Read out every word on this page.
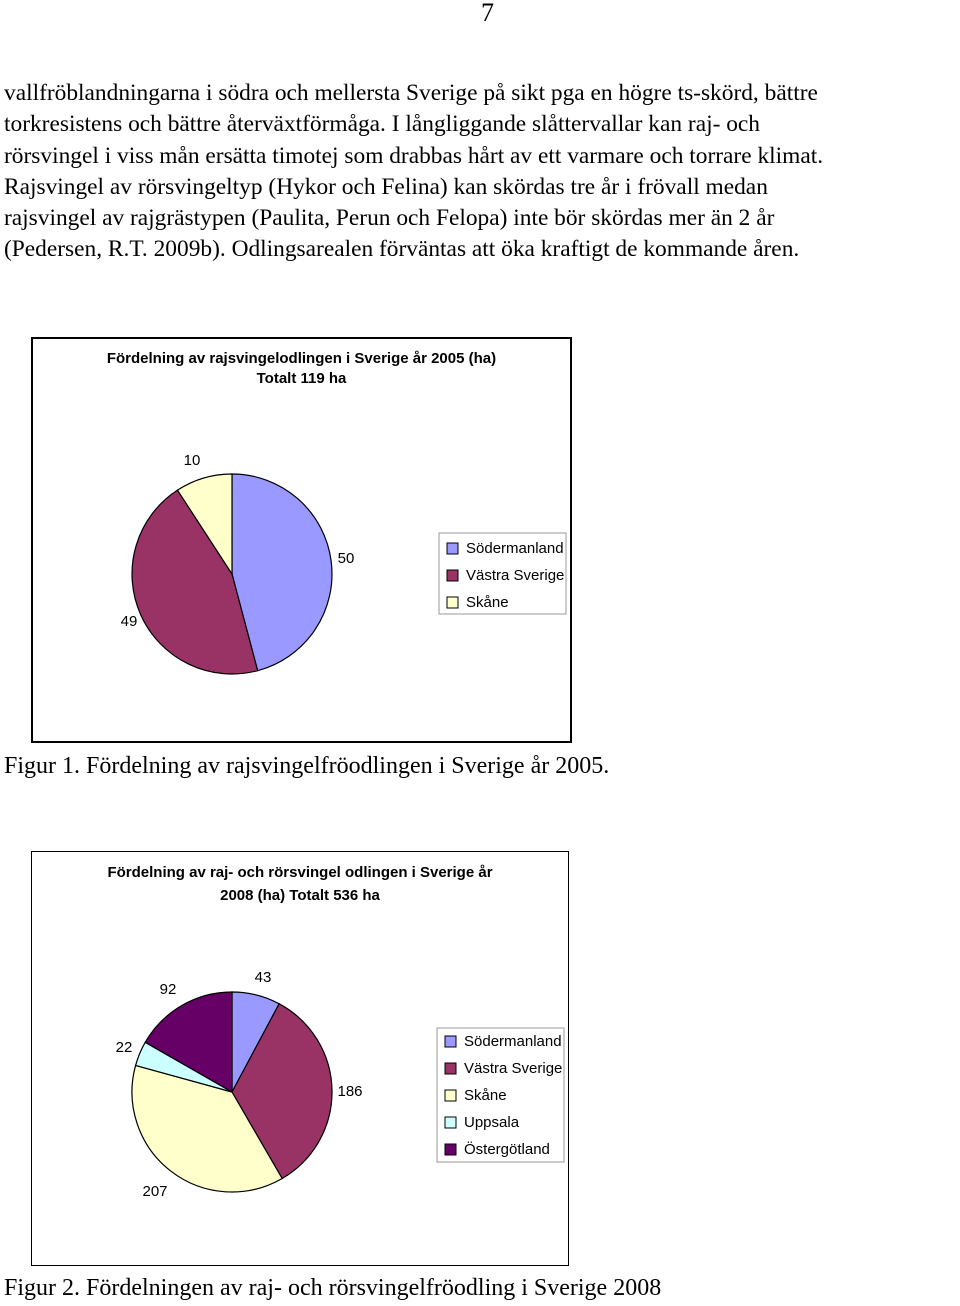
7

vallfröblandningarna i södra och mellersta Sverige på sikt pga en högre ts-skörd, bättre

torkresistens och bättre återväxtförmåga. I långliggande slåttervallar kan raj- och

rörsvingel i viss mån ersätta timotej som drabbas hårt av ett varmare och torrare klimat.

Rajsvingel av rörsvingeltyp (Hykor och Felina) kan skördas tre år i frövall medan

rajsvingel av rajgrästypen (Paulita, Perun och Felopa) inte bör skördas mer än 2 år

(Pedersen, R.T. 2009b). Odlingsarealen förväntas att öka kraftigt de kommande åren.

Fördelning av rajsvingelodlingen i Sverige år 2005 (ha)
Totalt 119 ha
50
49
10
Södermanland
Västra Sverige
Skåne
Figur 1. Fördelning av rajsvingelfröodlingen i Sverige år 2005.
Fördelning av raj- och rörsvingel odlingen i Sverige år
2008 (ha) Totalt 536 ha
43
186
207
22
92
Södermanland
Västra Sverige
Skåne
Uppsala
Östergötland
Figur 2. Fördelningen av raj- och rörsvingelfröodling i Sverige 2008
